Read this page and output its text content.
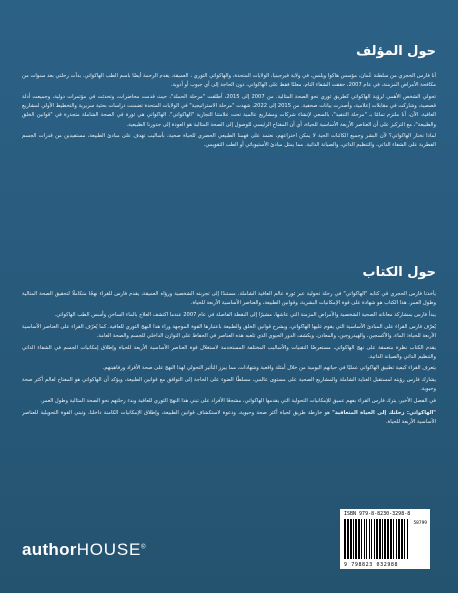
حول المؤلف

أنا فارس الحجري من سلطنة عُمان، مؤسس هاكوا ويلنس، في ولاية فيرجينيا، الولايات المتحدة، والهاكواتي الثوري ، العميقة، يقدم الرحمة أيضًا باسم الطب الهاكواتي. بدأت رحلتي بعد سنوات من مكافحة الأمراض المزمنة، في عام 2007، حققت الشفاء التام، معلنًا فقط على الهاكواتي، دون الحاجة إلى أي جيوب أو أدوية.

تحولي الشخص الأهمي لرؤية الهاكواتي كطريق ثوري نحو الصحة المثالية. من 2007 إلى 2015، أطلقت "مرحلة الحملة"، حيث قدمت محاضرات، وتحدثت في مؤتمرات دولية، وجميعت أدلة قصصية، وشاركت في مقابلات إعلامية، وأصدرت بيانات صحفية. من 2015 إلى 2022، شهدت "مرحلة الاستراتيجية" في الولايات المتحدة تضمنت دراسات بحثية سريرية والتخطيط الأولي لمشاريع العافية. الآن، أنا ملتزم تمامًا بـ "مرحلة التنفيذ"، بالسعي لإنشاء شركات ومشاريع عالمية تحت علامتنا التجارية "الهاكواتي". الهاكواتي هي ثورة في الصحة الشاملة متجذرة في "قوانين الخلق والطبيعة"، مع التركيز على أن العناصر الأربعة الأساسية للحياة، أي أن المفتاح الرئيسي للوصول إلى الصحة المثالية هو العودة إلى جذورنا الطبيعية.

لماذا نختار الهاكواتي؟ لأن البشر وجميع الكائنات الحية لا يمكن اختراعهم، نعتمد على فهمنا الطبيعي الحصري للحياة صحية، بأساليب تهدف على مبادئ الطبيعة، مستفيدين من قدرات الجسم الفطرية على الشفاء الذاتي، والتنظيم الذاتي، والصيانة الذاتية. مما يمثل مبادئ الأستيوباثي أو الطب التقويمي.

حول الكتاب

يأخذنا فارس الحجري في كتابه "الهاكواتي" في رحلة تحولية عبر ثورة عالم العافية الشاملة. مستندًا إلى تجربته الشخصية ورؤاه العميقة، يقدم فارس للقراء نهجًا متكاملًا لتحقيق الصحة المثالية وطول العمر. هذا الكتاب هو شهادة على قوة الإمكانيات البشرية، وقوانين الطبيعة، والعناصر الأساسية الأربعة للحياة.

يبدأ فارس بمشاركة معاناته الصحية الشخصية والأمراض المزمنة التي عاشها، مشيرًا إلى النقطة الفاصلة في عام 2007 عندما اكتشف العلاج بالماء الساخن وأسس الطب الهاكواتي.

يُعرّف فارس القراء على المبادئ الأساسية التي يقوم عليها الهاكواتي، ويشرح قوانين الخلق والطبيعة باعتبارها القوة الموجهة وراء هذا النهج الثوري للعافية. كما يُعرّف القراء على العناصر الأساسية الأربعة للحياة: الماء، والأكسجين، والهيدروجين، والمعادن. ويكشف الدور الحيوي الذي تلعبه هذه العناصر في الحفاظ على التوازن الداخلي للجسم والصحة العامة.

يقدم الكتاب نظرة متعمقة على نهج الهاكواتي، مستعرضًا التقنيات والأساليب المختلفة المستخدمة لاستغلال قوة العناصر الأساسية الأربعة للحياة وإطلاق إمكانيات الجسم في الشفاء الذاتي والتنظيم الذاتي والصيانة الذاتية.

يتعرف القراء كيفية تطبيق الهاكواتي عمليًا في حياتهم اليومية من خلال أمثلة واقعية وشهادات، مما يبرز التأثير التحولي لهذا النهج على صحة الأفراد ورفاهيتهم.

يشارك فارس رؤيته لمستقبل العناية الشاملة والمشاريع الصحية على مستوى عالمي، مسلطًا الضوء على الحاجة إلى التوافق مع قوانين الطبيعة، ويؤكد أن الهاكواتي هو المفتاح لعالم أكثر صحة وحيوية.

في الفصل الأخير، يترك فارس القراء بفهم عميق للإمكانيات التحولية التي يقدمها الهاكواتي، مشجعًا الأفراد على تبني هذا النهج الثوري للعافية وبدء رحلتهم نحو الصحة المثالية وطول العمر.

"الهاكواتي: رحلتك إلى الحياة المتعافية" هو خارطة طريق لحياة أكثر صحة وحيوية، ودعوة لاستكشاف قوانين الطبيعة، وإطلاق الإمكانيات الكامنة داخلنا، وتبني القوة التحويلية للعناصر الأساسية الأربعة للحياة.

ISBN 979-8-8230-3298-8
58799
9 798823 032988
authorHOUSE®
